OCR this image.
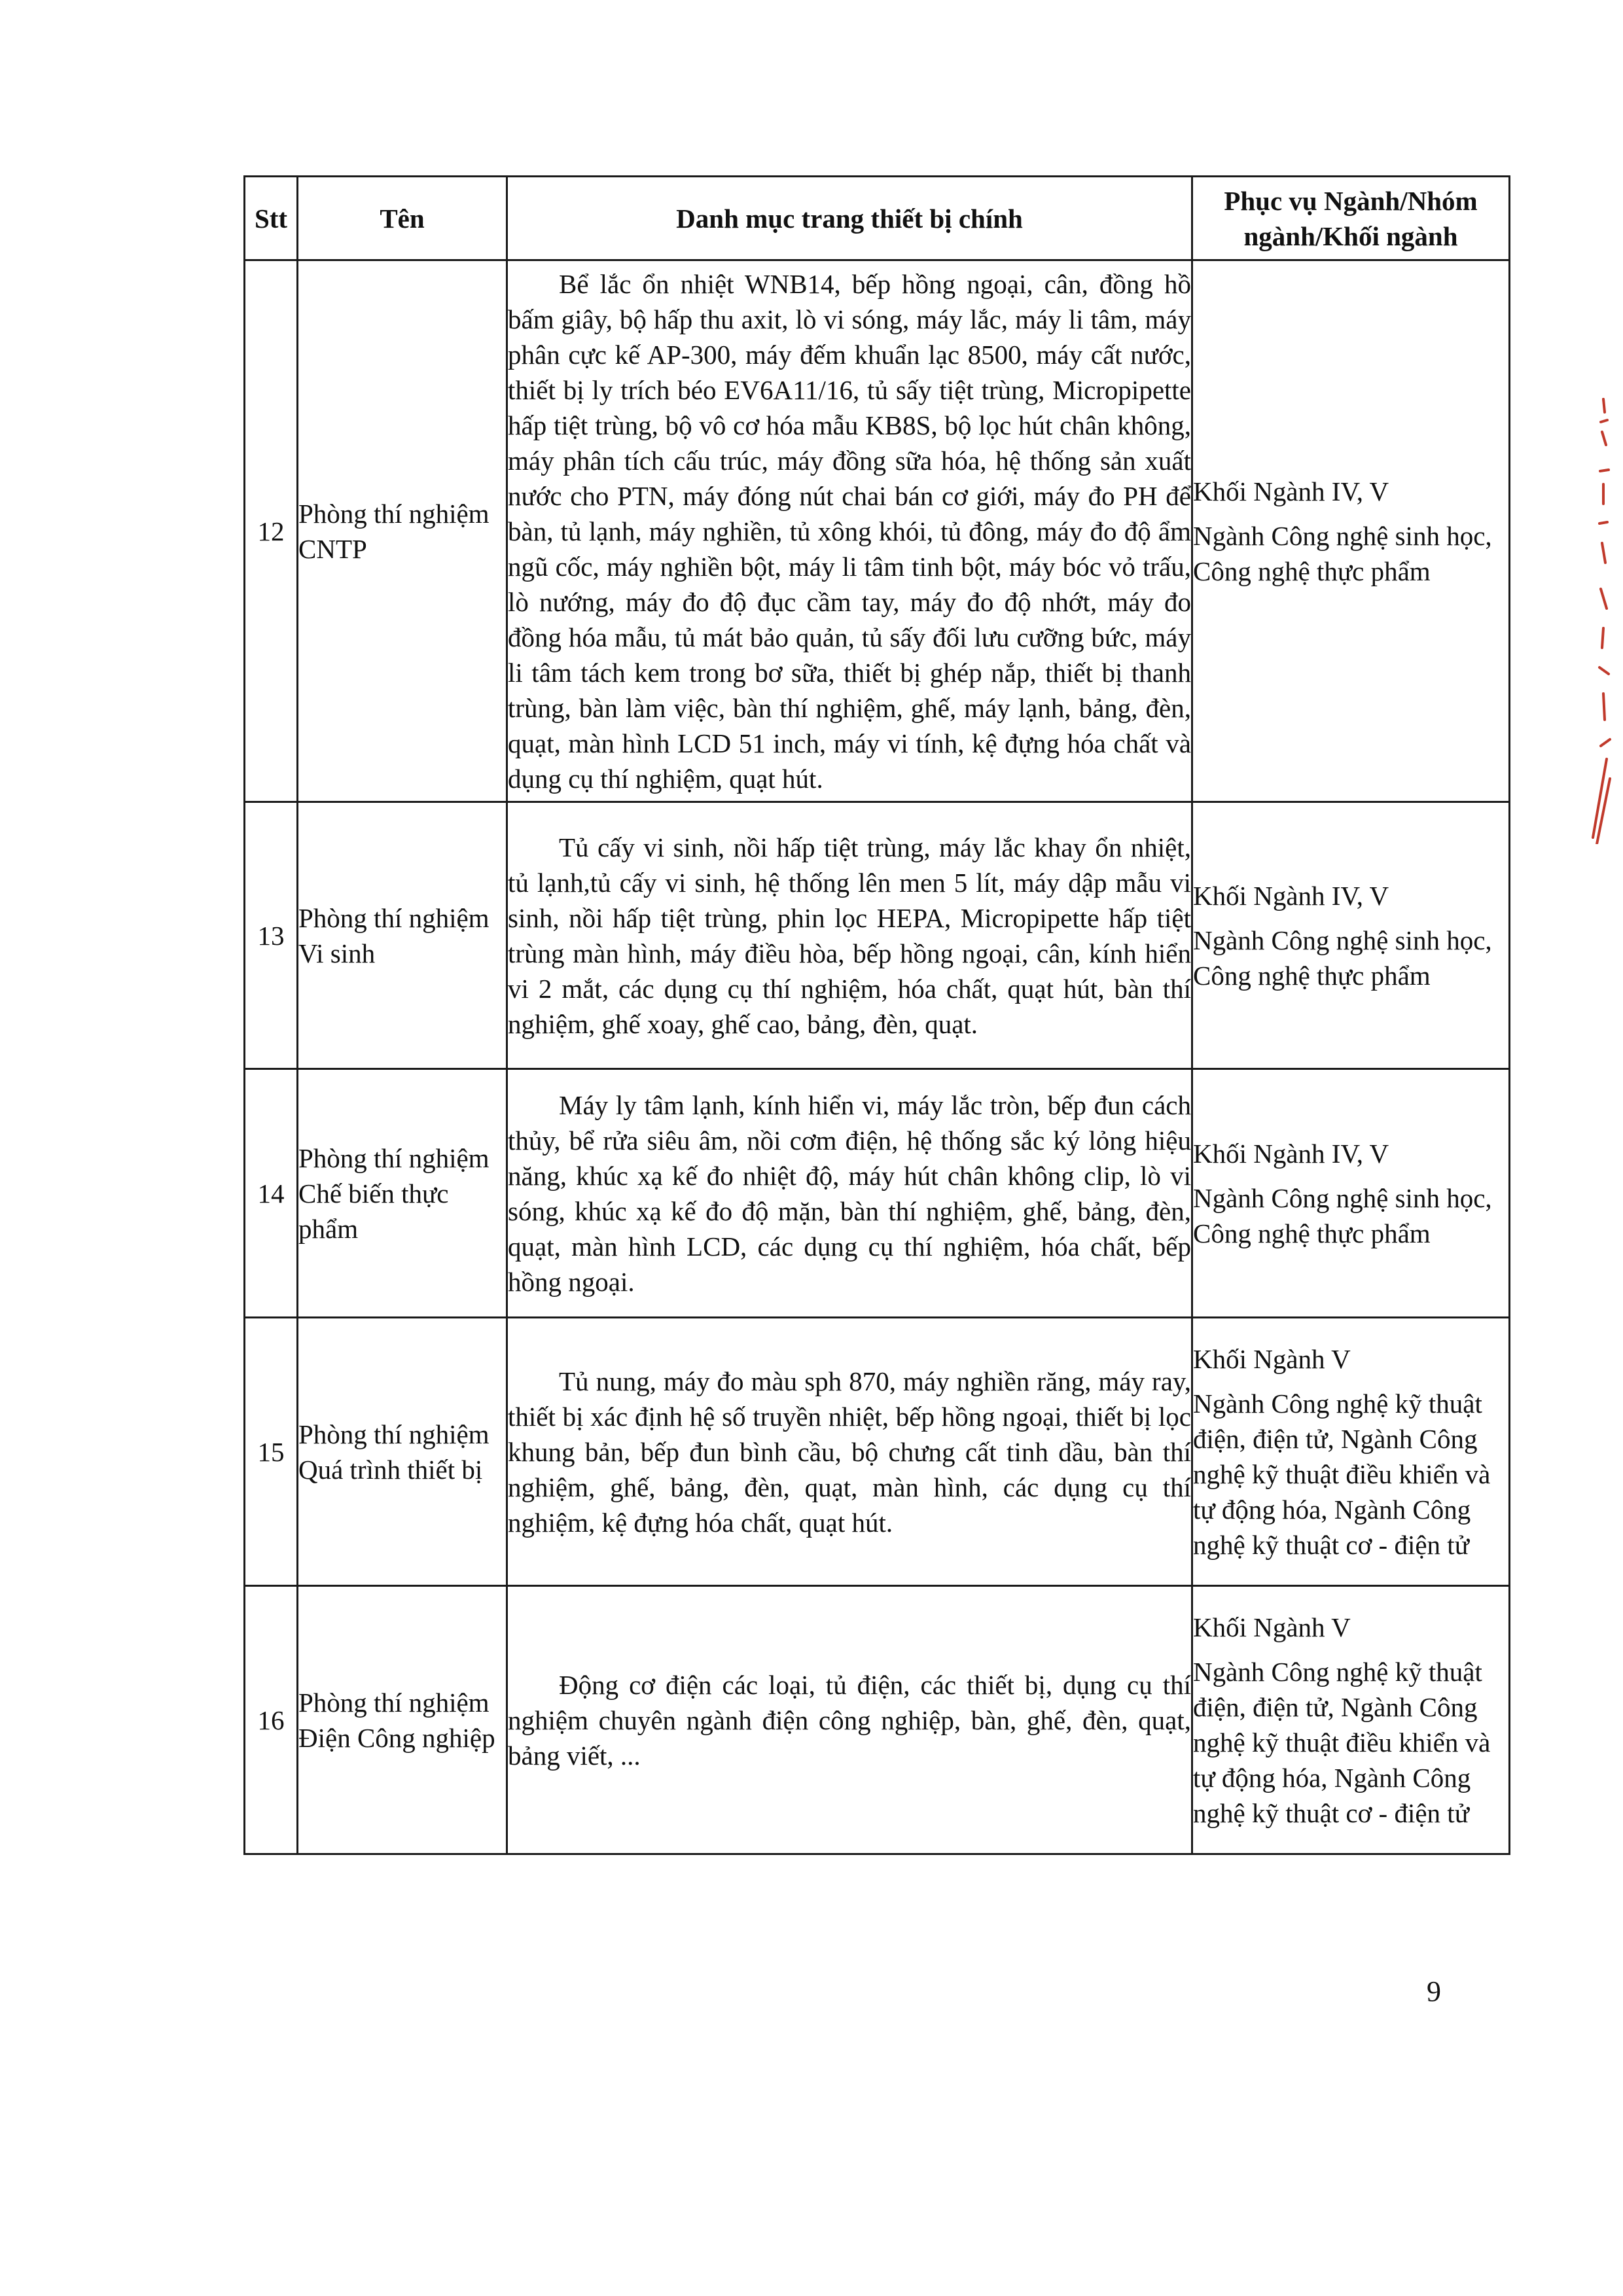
Stt	Tên	Danh mục trang thiết bị chính	Phục vụ Ngành/Nhóm ngành/Khối ngành
12	Phòng thí nghiệm CNTP	Bể lắc ổn nhiệt WNB14, bếp hồng ngoại, cân, đồng hồ bấm giây, bộ hấp thu axit, lò vi sóng, máy lắc, máy li tâm, máy phân cực kế AP-300, máy đếm khuẩn lạc 8500, máy cất nước, thiết bị ly trích béo EV6A11/16, tủ sấy tiệt trùng, Micropipette hấp tiệt trùng, bộ vô cơ hóa mẫu KB8S, bộ lọc hút chân không, máy phân tích cấu trúc, máy đồng sữa hóa, hệ thống sản xuất nước cho PTN, máy đóng nút chai bán cơ giới, máy đo PH để bàn, tủ lạnh, máy nghiền, tủ xông khói, tủ đông, máy đo độ ẩm ngũ cốc, máy nghiền bột, máy li tâm tinh bột, máy bóc vỏ trấu, lò nướng, máy đo độ đục cầm tay, máy đo độ nhớt, máy đo đồng hóa mẫu, tủ mát bảo quản, tủ sấy đối lưu cưỡng bức, máy li tâm tách kem trong bơ sữa, thiết bị ghép nắp, thiết bị thanh trùng, bàn làm việc, bàn thí nghiệm, ghế, máy lạnh, bảng, đèn, quạt, màn hình LCD 51 inch, máy vi tính, kệ đựng hóa chất và dụng cụ thí nghiệm, quạt hút.	Khối Ngành IV, V
Ngành Công nghệ sinh học, Công nghệ thực phẩm

13	Phòng thí nghiệm Vi sinh	Tủ cấy vi sinh, nồi hấp tiệt trùng, máy lắc khay ổn nhiệt, tủ lạnh,tủ cấy vi sinh, hệ thống lên men 5 lít, máy dập mẫu vi sinh, nồi hấp tiệt trùng, phin lọc HEPA, Micropipette hấp tiệt trùng màn hình, máy điều hòa, bếp hồng ngoại, cân, kính hiển vi 2 mắt, các dụng cụ thí nghiệm, hóa chất, quạt hút, bàn thí nghiệm, ghế xoay, ghế cao, bảng, đèn, quạt.	Khối Ngành IV, V
Ngành Công nghệ sinh học, Công nghệ thực phẩm

14	Phòng thí nghiệm Chế biến thực phẩm	Máy ly tâm lạnh, kính hiển vi, máy lắc tròn, bếp đun cách thủy, bể rửa siêu âm, nồi cơm điện, hệ thống sắc ký lỏng hiệu năng, khúc xạ kế đo nhiệt độ, máy hút chân không clip, lò vi sóng, khúc xạ kế đo độ mặn, bàn thí nghiệm, ghế, bảng, đèn, quạt, màn hình LCD, các dụng cụ thí nghiệm, hóa chất, bếp hồng ngoại.	Khối Ngành IV, V
Ngành Công nghệ sinh học, Công nghệ thực phẩm

15	Phòng thí nghiệm Quá trình thiết bị	Tủ nung, máy đo màu sph 870, máy nghiền răng, máy ray, thiết bị xác định hệ số truyền nhiệt, bếp hồng ngoại, thiết bị lọc khung bản, bếp đun bình cầu, bộ chưng cất tinh dầu, bàn thí nghiệm, ghế, bảng, đèn, quạt, màn hình, các dụng cụ thí nghiệm, kệ đựng hóa chất, quạt hút.	Khối Ngành V
Ngành Công nghệ kỹ thuật điện, điện tử, Ngành Công nghệ kỹ thuật điều khiển và tự động hóa, Ngành Công nghệ kỹ thuật cơ - điện tử

16	Phòng thí nghiệm Điện Công nghiệp	Động cơ điện các loại, tủ điện, các thiết bị, dụng cụ thí nghiệm chuyên ngành điện công nghiệp, bàn, ghế, đèn, quạt, bảng viết, ...	Khối Ngành V
Ngành Công nghệ kỹ thuật điện, điện tử, Ngành Công nghệ kỹ thuật điều khiển và tự động hóa, Ngành Công nghệ kỹ thuật cơ - điện tử
9
